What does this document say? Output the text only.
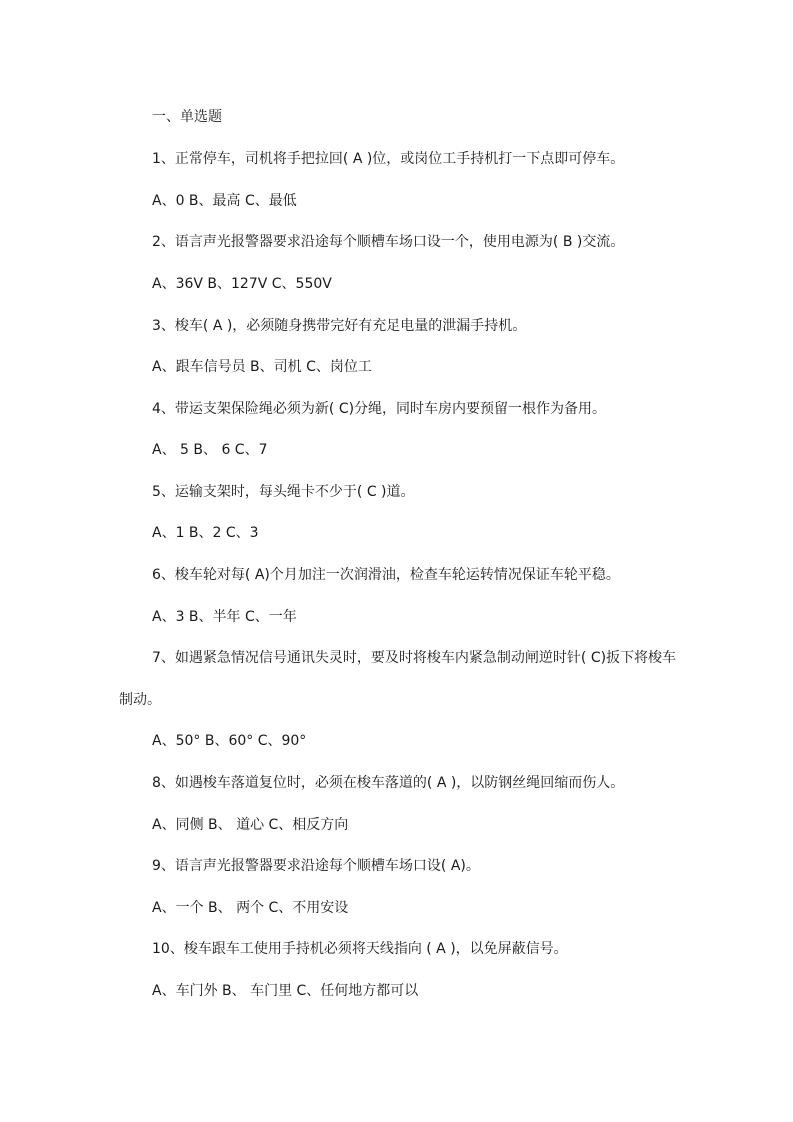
一、单选题
1、正常停车，司机将手把拉回( A )位，或岗位工手持机打一下点即可停车。
A、0 B、最高 C、最低
2、语言声光报警器要求沿途每个顺槽车场口设一个，使用电源为( B )交流。
A、36V B、127V C、550V
3、梭车( A )，必须随身携带完好有充足电量的泄漏手持机。
A、跟车信号员 B、司机 C、岗位工
4、带运支架保险绳必须为新( C)分绳，同时车房内要预留一根作为备用。
A、 5 B、 6 C、7
5、运输支架时，每头绳卡不少于( C )道。
A、1 B、2 C、3
6、梭车轮对每( A)个月加注一次润滑油，检查车轮运转情况保证车轮平稳。
A、3 B、半年 C、一年
7、如遇紧急情况信号通讯失灵时，要及时将梭车内紧急制动闸逆时针( C)扳下将梭车
制动。
A、50° B、60° C、90°
8、如遇梭车落道复位时，必须在梭车落道的( A )，以防钢丝绳回缩而伤人。
A、同侧 B、 道心 C、相反方向
9、语言声光报警器要求沿途每个顺槽车场口设( A)。
A、一个 B、 两个 C、不用安设
10、梭车跟车工使用手持机必须将天线指向 ( A )，以免屏蔽信号。
A、车门外 B、 车门里 C、任何地方都可以
